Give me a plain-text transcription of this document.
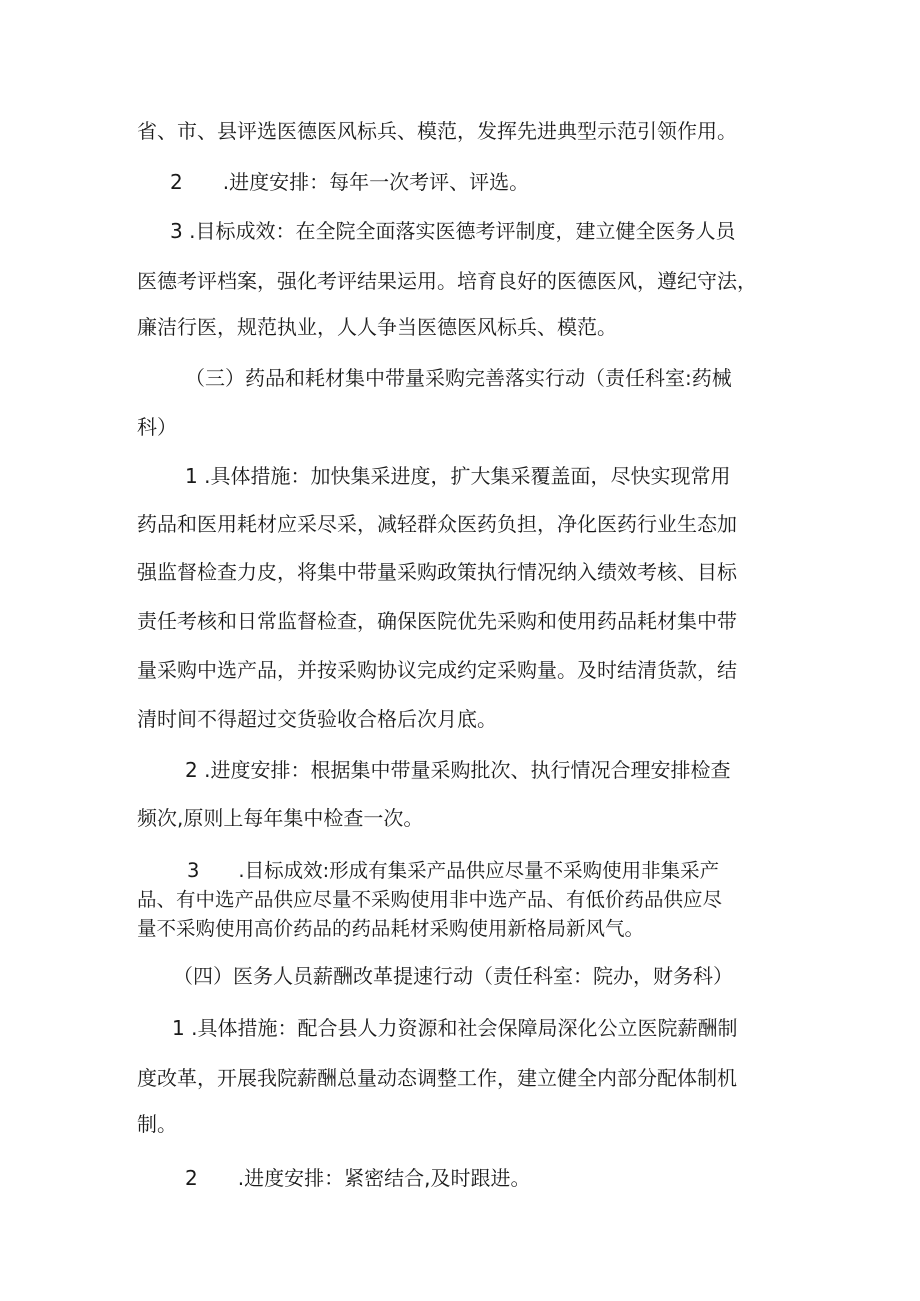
省、市、县评选医德医风标兵、模范，发挥先进典型示范引领作用。
2　　.进度安排：每年一次考评、评选。
3 .目标成效：在全院全面落实医德考评制度，建立健全医务人员
医德考评档案，强化考评结果运用。培育良好的医德医风，遵纪守法，
廉洁行医，规范执业，人人争当医德医风标兵、模范。
（三）药品和耗材集中带量采购完善落实行动（责任科室:药械
科）
1 .具体措施：加快集采进度，扩大集采覆盖面，尽快实现常用
药品和医用耗材应采尽采，减轻群众医药负担，净化医药行业生态加
强监督检查力皮，将集中带量采购政策执行情况纳入绩效考核、目标
责任考核和日常监督检查，确保医院优先采购和使用药品耗材集中带
量采购中选产品，并按采购协议完成约定采购量。及时结清货款，结
清时间不得超过交货验收合格后次月底。
2 .进度安排：根据集中带量采购批次、执行情况合理安排检查
频次,原则上每年集中检查一次。
3　　.目标成效:形成有集采产品供应尽量不采购使用非集采产
品、有中选产品供应尽量不采购使用非中选产品、有低价药品供应尽
量不采购使用高价药品的药品耗材采购使用新格局新风气。
（四）医务人员薪酬改革提速行动（责任科室：院办，财务科）
1 .具体措施：配合县人力资源和社会保障局深化公立医院薪酬制
度改革，开展我院薪酬总量动态调整工作，建立健全内部分配体制机
制。
2　　.进度安排：紧密结合,及时跟进。
